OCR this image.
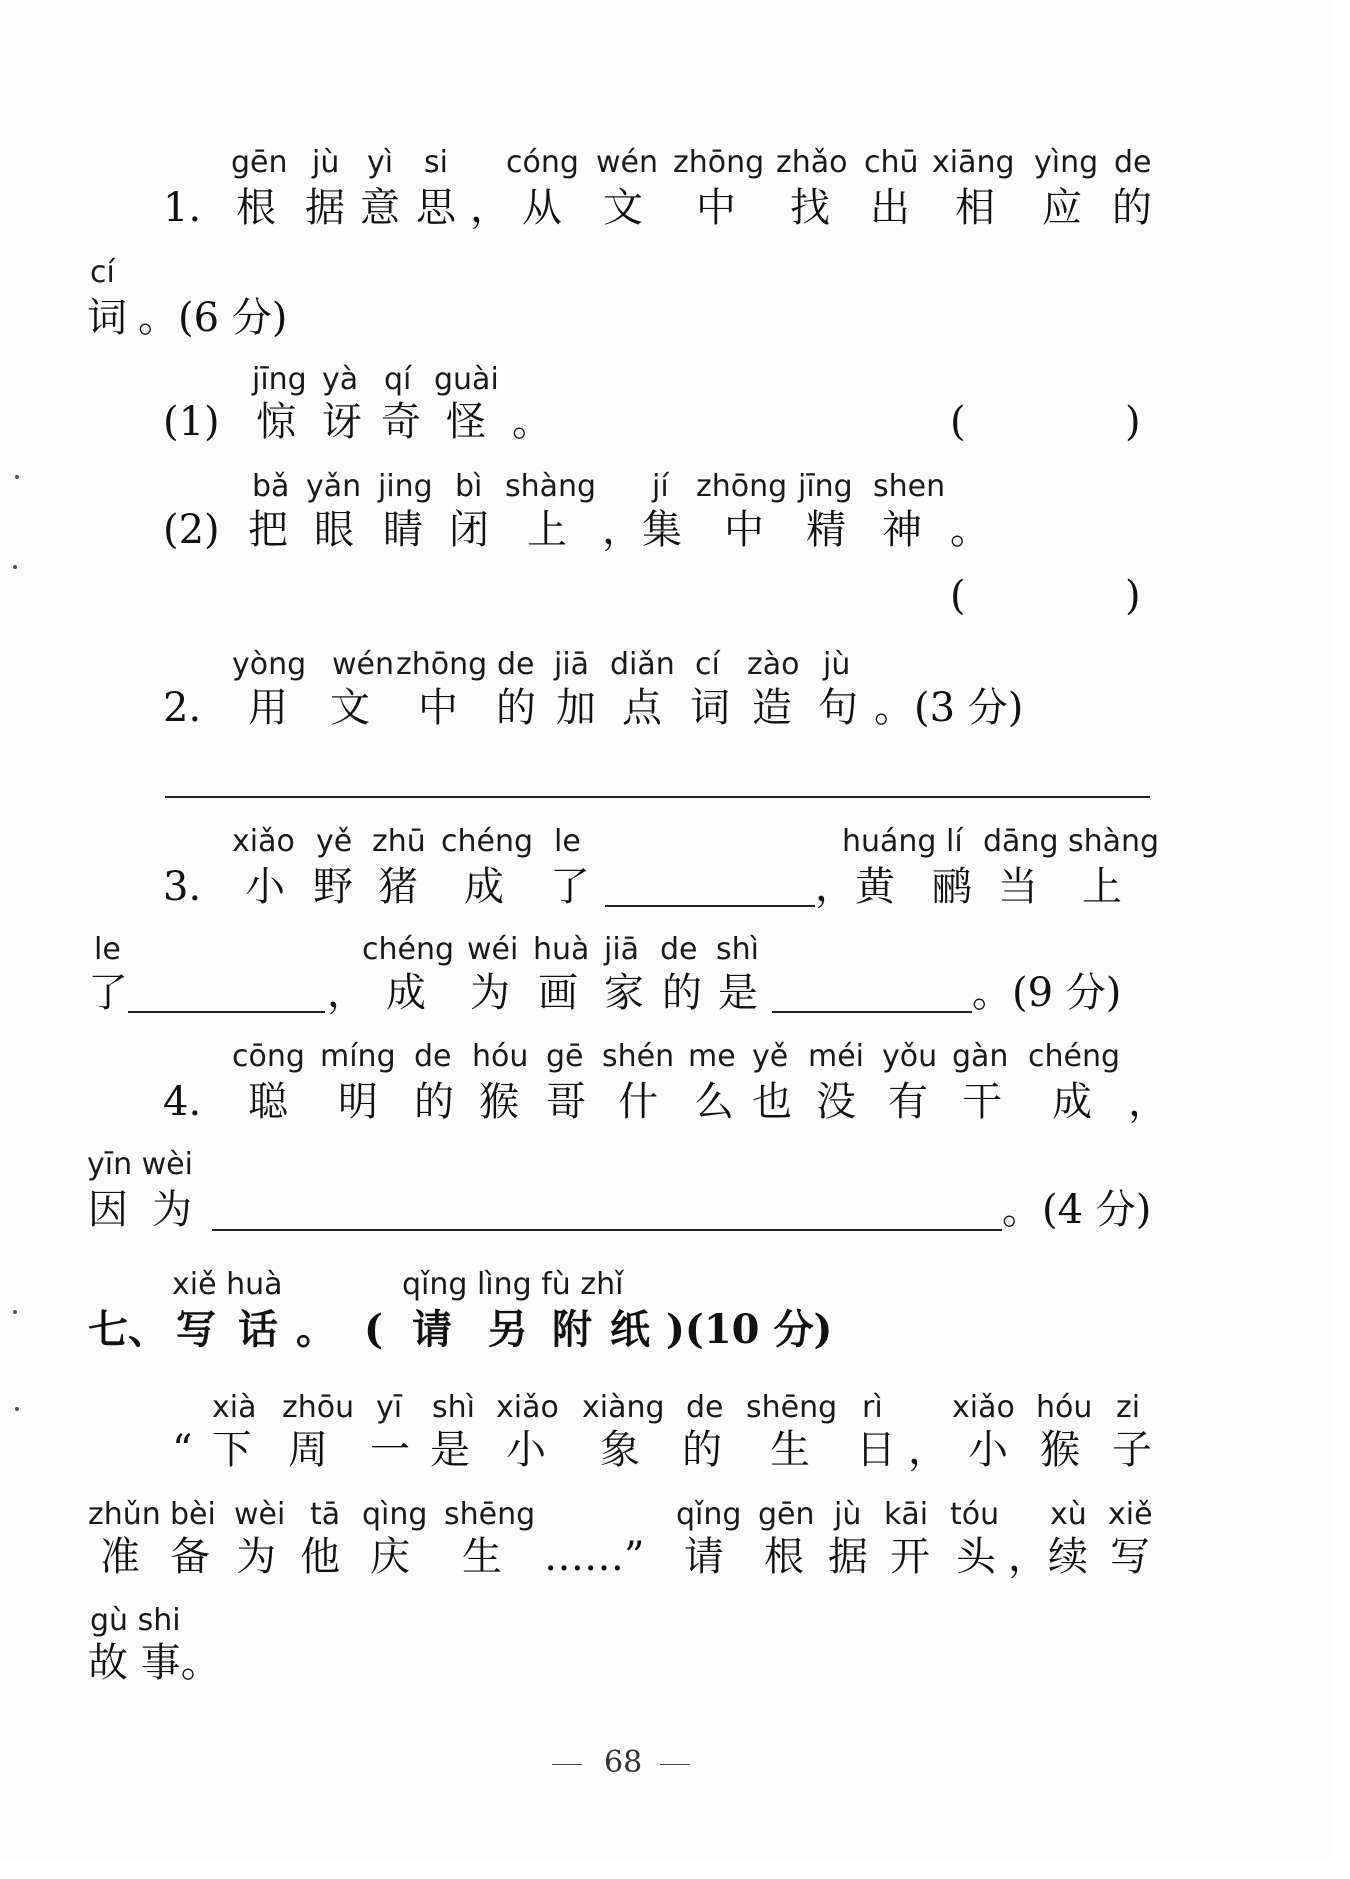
gēn jù yì si cóng wén zhōng zhǎo chū xiāng yìng de
1. 根 据 意 思 ， 从 文 中 找 出 相 应 的
cí
词 。(6 分)
jīng yà qí guài
(1) 惊 讶 奇 怪 。	(	)
bǎ yǎn jing bì shàng jí zhōng jīng shen
(2) 把 眼 睛 闭 上 ，集 中 精 神 。
(	)
yòng wén zhōng de jiā diǎn cí zào jù
2. 用 文 中 的 加 点 词 造 句 。(3 分)
xiǎo yě zhū chéng le	huáng lí dāng shàng
3. 小 野 猪 成 了	，黄 鹂 当 上
le	chéng wéi huà jiā de shì
了	， 成 为 画 家 的 是	。(9 分)
cōng míng de hóu gē shén me yě méi yǒu gàn chéng
4. 聪 明 的 猴 哥 什 么 也 没 有 干 成 ，
yīn wèi
因 为	。(4 分)
xiě huà	qǐng lìng fù zhǐ
七、 写 话 。 ( 请 另 附 纸 )(10 分)
xià zhōu yī shì xiǎo xiàng de shēng rì xiǎo hóu zi
“ 下 周 一 是 小 象 的 生 日 ， 小 猴 子
zhǔn bèi wèi tā qìng shēng	qǐng gēn jù kāi tóu xù xiě
准 备 为 他 庆 生 ……” 请 根 据 开 头 ，续 写
gù shi
故 事。
68
